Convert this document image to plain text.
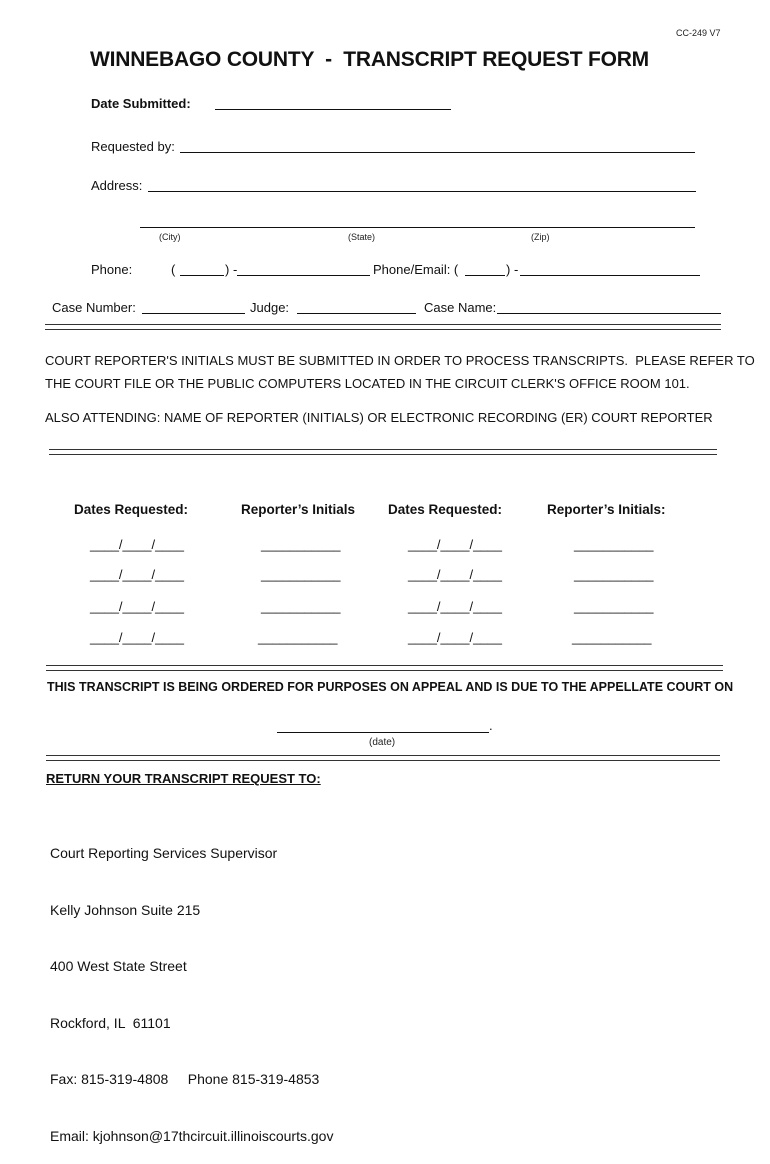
CC-249 V7
WINNEBAGO COUNTY  -  TRANSCRIPT REQUEST FORM
Date Submitted:
Requested by:
Address:
(City)	(State)	(Zip)
Phone:	(	) -	Phone/Email: (	) -
Case Number:	Judge:	Case Name:
COURT REPORTER'S INITIALS MUST BE SUBMITTED IN ORDER TO PROCESS TRANSCRIPTS.  PLEASE REFER TO
THE COURT FILE OR THE PUBLIC COMPUTERS LOCATED IN THE CIRCUIT CLERK'S OFFICE ROOM 101.
ALSO ATTENDING: NAME OF REPORTER (INITIALS) OR ELECTRONIC RECORDING (ER) COURT REPORTER
Dates Requested:	Reporter’s Initials Dates Requested:	Reporter’s Initials:
____/____/____	___________	____/____/____	___________
____/____/____	___________	____/____/____	___________
____/____/____	___________	____/____/____	___________
____/____/____	___________	____/____/____	___________
THIS TRANSCRIPT IS BEING ORDERED FOR PURPOSES ON APPEAL AND IS DUE TO THE APPELLATE COURT ON
.
(date)
RETURN YOUR TRANSCRIPT REQUEST TO:

Court Reporting Services Supervisor

Kelly Johnson Suite 215

400 West State Street

Rockford, IL  61101

Fax: 815-319-4808     Phone 815-319-4853

Email: kjohnson@17thcircuit.illinoiscourts.gov
